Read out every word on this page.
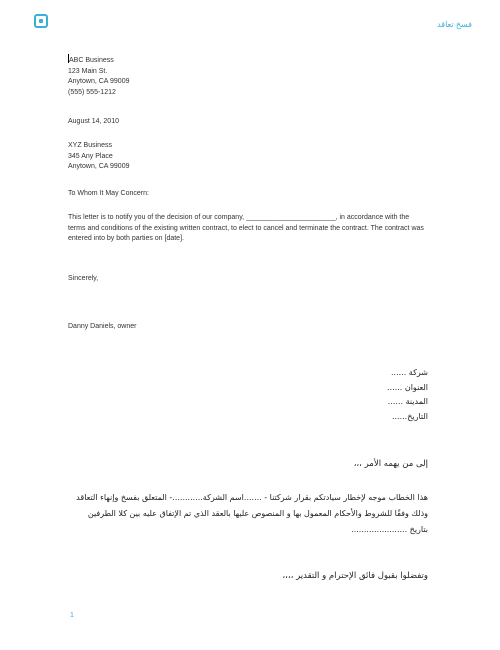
فسخ تعاقد
ABC Business
123 Main St.
Anytown, CA 99009
(555) 555-1212
August 14, 2010
XYZ Business
345 Any Place
Anytown, CA 99009
To Whom It May Concern:
This letter is to notify you of the decision of our company, _______________________, in accordance with the terms and conditions of the existing written contract, to elect to cancel and terminate the contract. The contract was entered into by both parties on [date].
Sincerely,
Danny Daniels, owner
شركة ......
العنوان ......
المدينة ......
التاريخ......
إلى من يهمه الأمر ،،،
هذا الخطاب موجه لإخطار سيادتكم بقرار شركتنا - .......اسم الشركة............- المتعلق بفسخ وإنهاء التعاقد وذلك وفقًا للشروط والأحكام المعمول بها و المنصوص عليها بالعقد الذي تم الإتفاق عليه بين كلا الطرفين بتاريخ ......................
وتفضلوا بقبول فائق الإحترام و التقدير ،،،،
1
